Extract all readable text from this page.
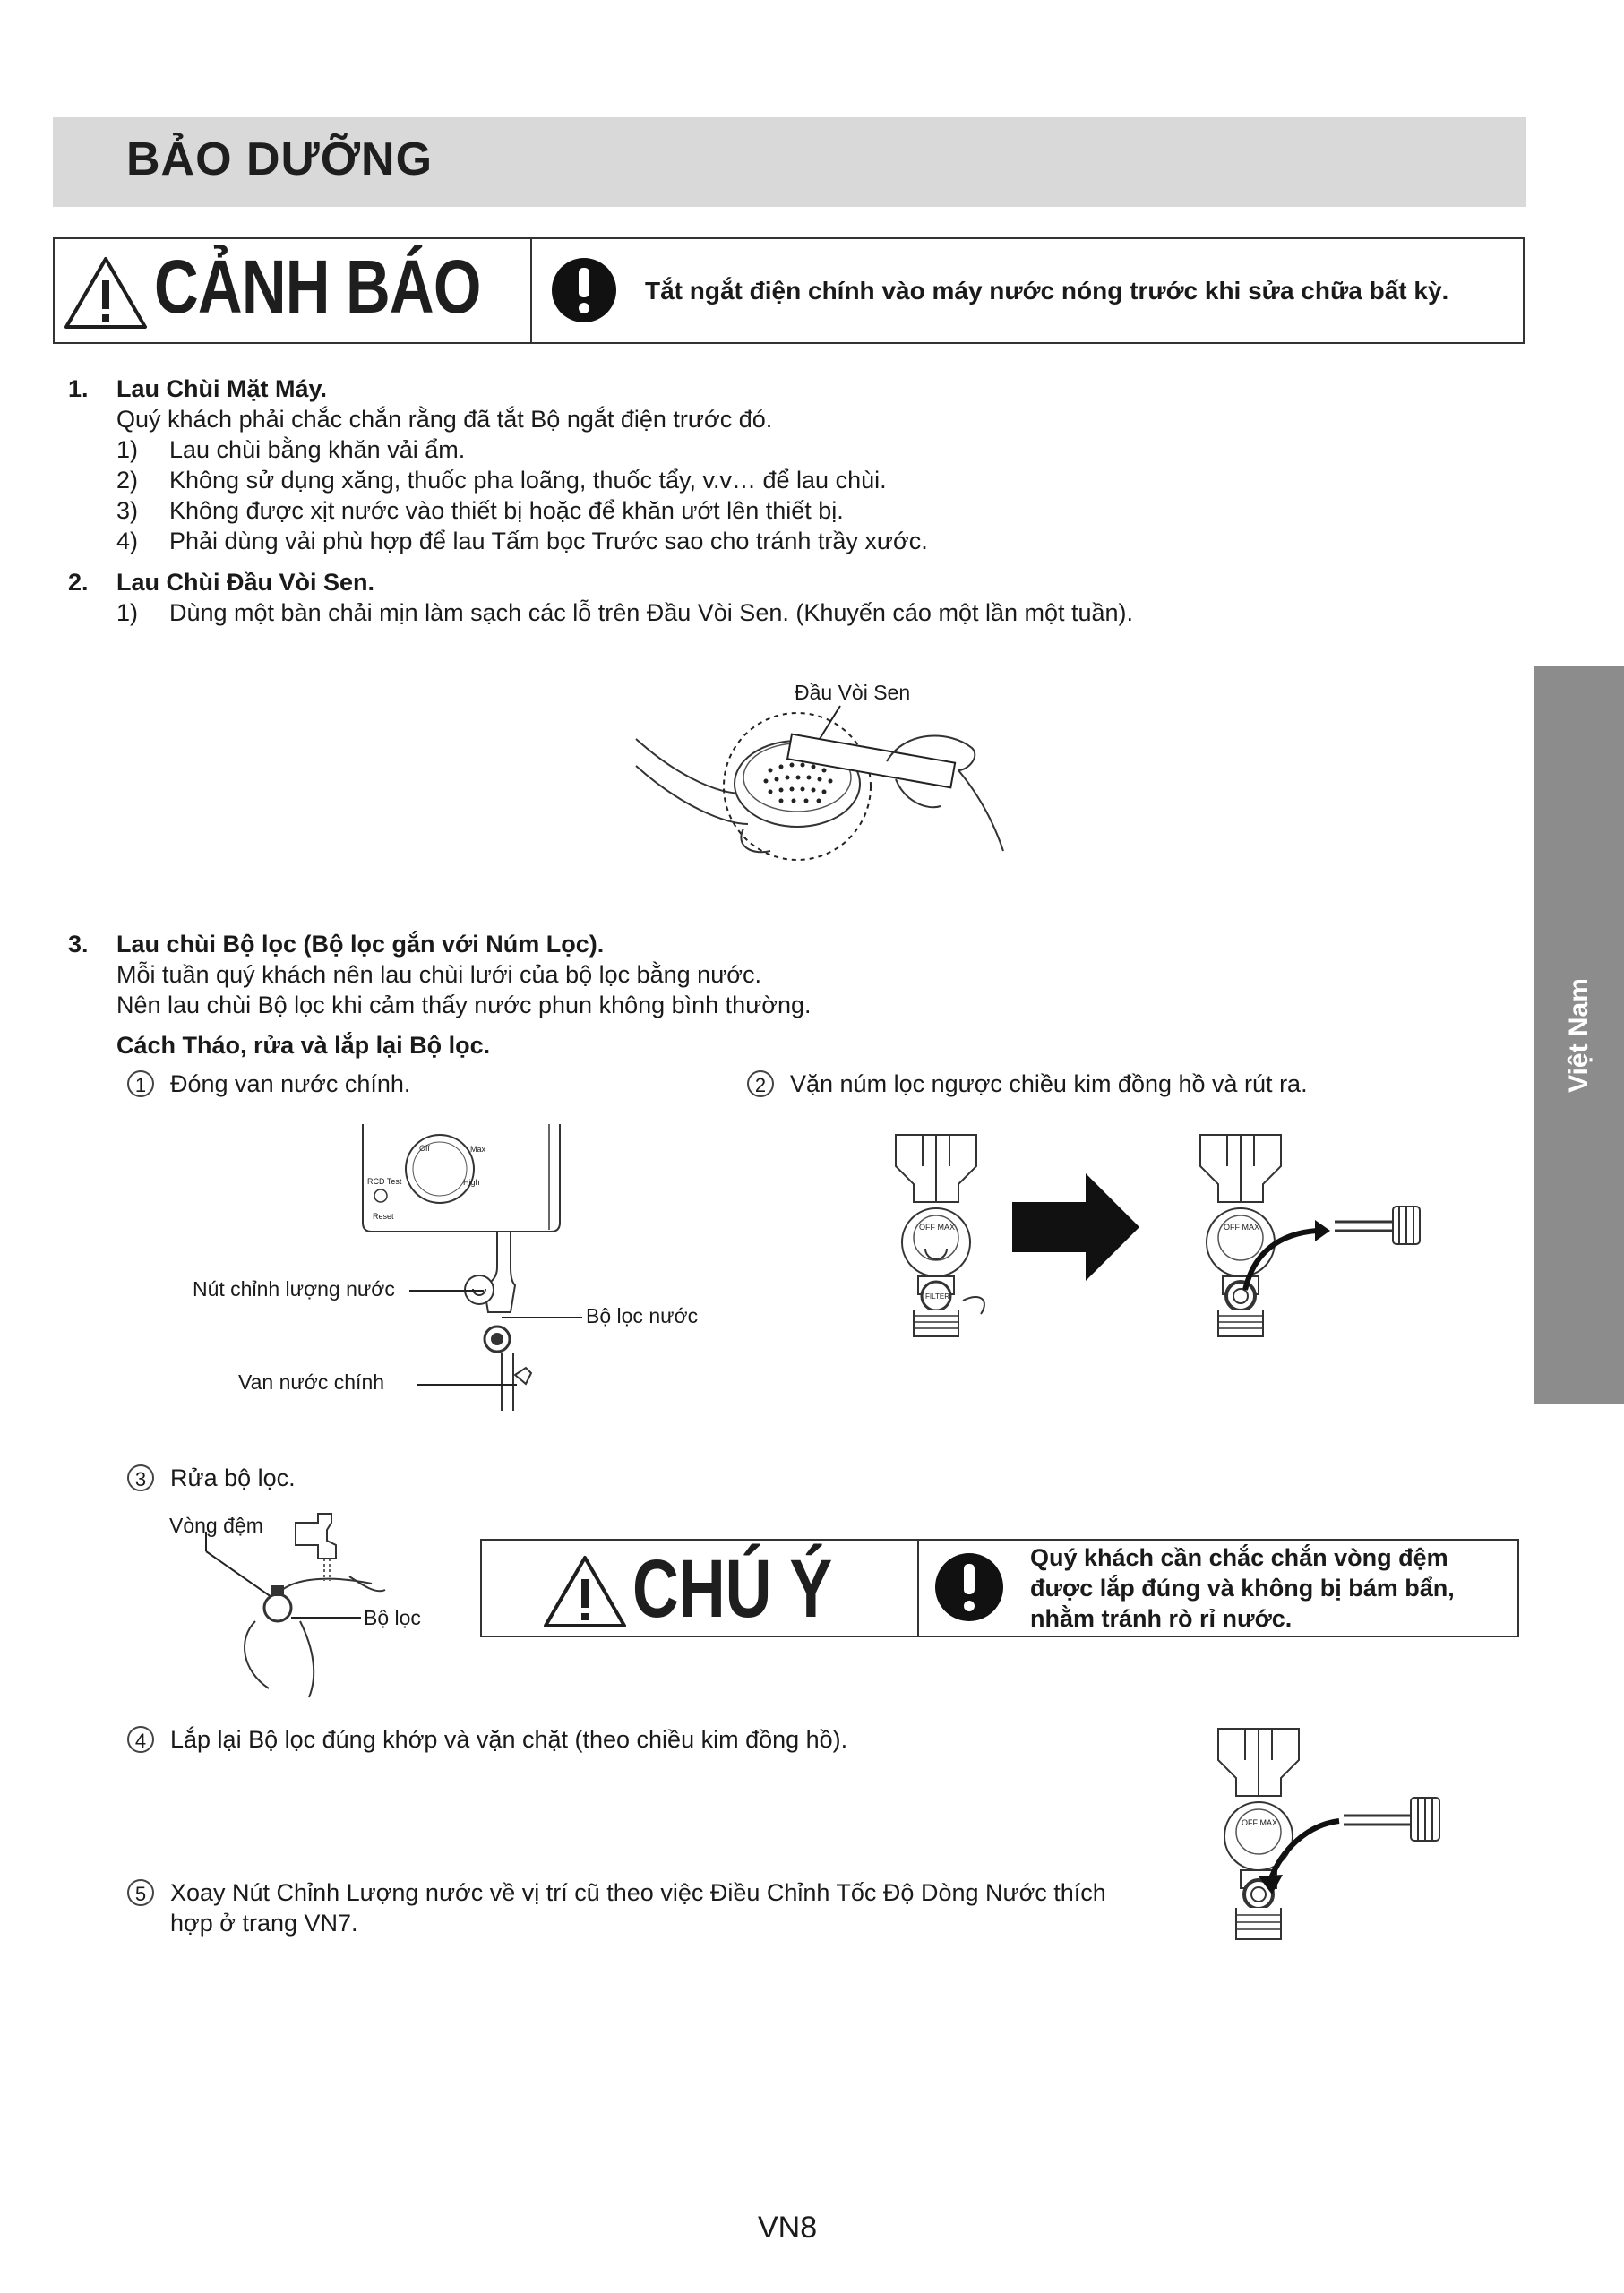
BẢO DƯỠNG
CẢNH BÁO	Tắt ngắt điện chính vào máy nước nóng trước khi sửa chữa bất kỳ.
1. Lau Chùi Mặt Máy.
Quý khách phải chắc chắn rằng đã tắt Bộ ngắt điện trước đó.
1) Lau chùi bằng khăn vải ẩm.
2) Không sử dụng xăng, thuốc pha loãng, thuốc tẩy, v.v… để lau chùi.
3) Không được xịt nước vào thiết bị hoặc để khăn ướt lên thiết bị.
4) Phải dùng vải phù hợp để lau Tấm bọc Trước sao cho tránh trầy xước.
2. Lau Chùi Đầu Vòi Sen.
1) Dùng một bàn chải mịn làm sạch các lỗ trên Đầu Vòi Sen. (Khuyến cáo một lần một tuần).
Đầu Vòi Sen
3. Lau chùi Bộ lọc (Bộ lọc gắn với Núm Lọc).
Mỗi tuần quý khách nên lau chùi lưới của bộ lọc bằng nước.
Nên lau chùi Bộ lọc khi cảm thấy nước phun không bình thường.
Cách Tháo, rửa và lắp lại Bộ lọc.
1 Đóng van nước chính.	2 Vặn núm lọc ngược chiều kim đồng hồ và rút ra.
Off	Max
High
RCD Test
Reset
Nút chỉnh lượng nước
Bộ lọc nước
Van nước chính
OFF MAX
FILTER
OFF MAX
3 Rửa bộ lọc.
Vòng đệm
Bộ lọc	CHÚ Ý	Quý khách cần chắc chắn vòng đệm
được lắp đúng và không bị bám bẩn,
nhằm tránh rò rỉ nước.
4 Lắp lại Bộ lọc đúng khớp và vặn chặt (theo chiều kim đồng hồ).
OFF MAX
5 Xoay Nút Chỉnh Lượng nước về vị trí cũ theo việc Điều Chỉnh Tốc Độ Dòng Nước thích
hợp ở trang VN7.
Việt Nam
VN8
